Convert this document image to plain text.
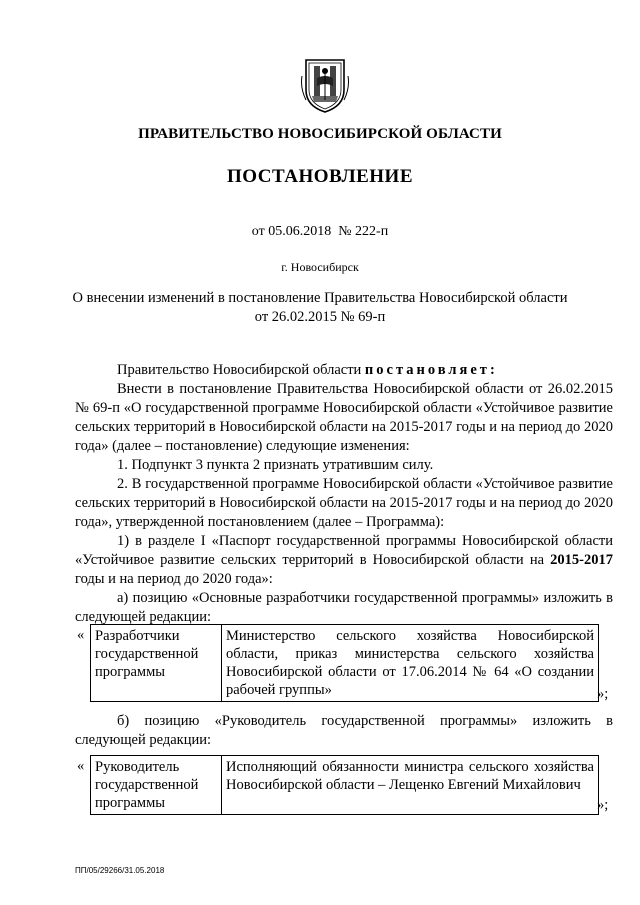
ПРАВИТЕЛЬСТВО НОВОСИБИРСКОЙ ОБЛАСТИ
ПОСТАНОВЛЕНИЕ
от 05.06.2018  № 222-п
г. Новосибирск
О внесении изменений в постановление Правительства Новосибирской области
от 26.02.2015 № 69-п

Правительство Новосибирской области постановляет:

Внести в постановление Правительства Новосибирской области от 26.02.2015 № 69-п «О государственной программе Новосибирской области «Устойчивое развитие сельских территорий в Новосибирской области на 2015-2017 годы и на период до 2020 года» (далее – постановление) следующие изменения:

1. Подпункт 3 пункта 2 признать утратившим силу.

2. В государственной программе Новосибирской области «Устойчивое развитие сельских территорий в Новосибирской области на 2015-2017 годы и на период до 2020 года», утвержденной постановлением (далее – Программа):

1) в разделе I «Паспорт государственной программы Новосибирской области «Устойчивое развитие сельских территорий в Новосибирской области на 2015-2017 годы и на период до 2020 года»:

а) позицию «Основные разработчики государственной программы» изложить в следующей редакции:

« Разработчики государственной программы	Министерство сельского хозяйства Новосибирской области, приказ министерства сельского хозяйства Новосибирской области от 17.06.2014 № 64 «О создании рабочей группы»	»;

б) позицию «Руководитель государственной программы» изложить в следующей редакции:

« Руководитель государственной программы	Исполняющий обязанности министра сельского хозяйства Новосибирской области – Лещенко Евгений Михайлович
»;
ПП/05/29266/31.05.2018
